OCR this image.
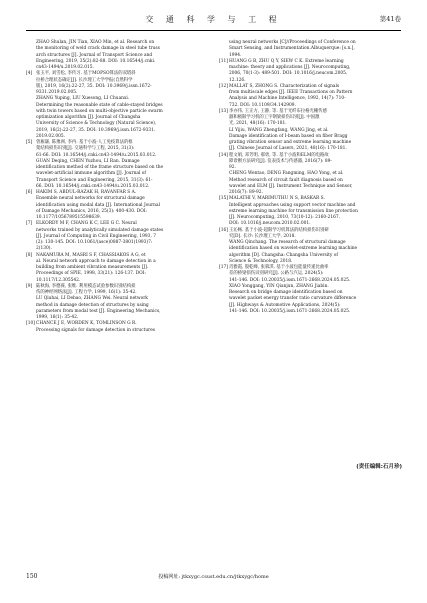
交 通 科 学 与 工 程	第41卷
ZHAO Shulan, JIN Tian, XIAO Min, et al. Research on
the monitoring of weld crack damage in steel tube truss
arch structures [J]. Journal of Transport Science and
Engineering, 2019, 35(2):82-88. DOI: 10.16544/j.cnki.
cn43-1494/u.2019.02.015.
[4] 张玉平, 刘雪松, 李传习. 基于MOPSO算法的双塔斜
拉桥合理状态确定[J]. 长沙理工大学学报(自然科学
版), 2019, 16(2):22-27, 35. DOI: 10.3969/j.issn.1672-
9331.2019.02.005.
ZHANG Yuping, LIU Xuesong, LI Chuanxi.
Determining the reasonable state of cable-stayed bridges
with twin towers based on multi-objective particle swarm
optimization algorithm [J]. Journal of Changsha
University of Science & Technology (Natural Science),
2019, 16(2):22-27, 35. DOI: 10.3969/j.issn.1672-9331.
2019.02.005.
[5] 曾雁谦, 陈豫洲, 李冉. 基于小波-人工免疫算法的框
架结构损伤识别[J]. 交通科学与工程, 2015, 31(3):
61-66. DOI: 10.16544/j.cnki.cn43-1494/u.2015.03.012.
GUAN Deqing, CHEN Yuzhou, LI Ran. Damage
identification method of the frame structure based on the
wavelet-artificial immune algorithm [J]. Journal of
Transport Science and Engineering, 2015, 31(3): 61-
66. DOI: 10.16544/j.cnki.cn43-1494/u.2015.03.012.
[6] HAKIM S, ABDUL-RAZAK H, RAVANFAR S A.
Ensemble neural networks for structural damage
identification using modal data [J]. International Journal
of Damage Mechanics, 2016, 25(3): 400-430. DOI:
10.1177/1056789515598639.
[7] ELKORDY M F, CHANG K C, LEE G C. Neural
networks trained by analytically simulated damage states
[J]. Journal of Computing in Civil Engineering, 1993, 7
(2): 130-145. DOI: 10.1061/(asce)0887-3801(1993)7:
2(130).
[8] NAKAMURA M, MASRI S F, CHASSIAKOS A G, et
al. Neural network approach to damage detection in a
building from ambient vibration measurements [J].
Proceedings of SPIE, 1998, 33(21): 126-137. DOI:
10.1117/12.305542.
[9] 陆秋海, 李德葆, 张维. 利用模态试验参数识别结构损
伤的神经网络法[J]. 工程力学, 1999, 16(1): 35-42.
LU Qiuhai, LI Debao, ZHANG Wei. Neural network
method in damage detection of structures by using
parameters from modal test [J]. Engineering Mechanics,
1999, 16(1): 35-42.
[10] CHANCE J E, WORDEN K, TOMLINSON G R.
Processing signals for damage detection in structures
using neural networks [C]//Proceedings of Conference on
Smart Sensing, and Instrumentation.Albuquerque: [s.n.],
1994.
[11] HUANG G B, ZHU Q Y, SIEW C K. Extreme learning
machine: theory and applications [J]. Neurocomputing,
2006, 70(1-3): 489-501. DOI: 10.1016/j.neucom.2005.
12.126.
[12] MALLAT S, ZHONG S. Characterization of signals
from multiscale edges [J]. IEEE Transactions on Pattern
Analysis and Machine Intelligence, 1992, 14(7): 710-
732. DOI: 10.1109/34.142909.
[13] 李亦伟, 王正方, 王静, 等. 基于光纤布拉格光栅传感
器和极限学习机的工字钢梁损伤识别[J]. 中国激
光, 2021, 48(16): 170-181.
LI Yijiu, WANG Zhengfang, WANG Jing, et al.
Damage identification of I-beam based on fiber Bragg
grating vibration sensor and extreme learning machine
[J]. Chinese Journal of Lasers, 2021, 48(16): 170-181.
[14] 程文娟, 邓芳明, 郝勇, 等. 基于小波和ELM的电路故
障诊断方法研究[J]. 仪表技术与传感器, 2016(7): 89-
92.
CHENG Wentao, DENG Fangming, HAO Yong, et al.
Method research of circuit fault diagnosis based on
wavelet and ELM [J]. Instrument Technique and Sensor,
2016(7): 89-92.
[15] MALATHI V, MARIMUTHU N S, BASKAR S.
Intelligent approaches using support vector machine and
extreme learning machine for transmission line protection
[J]. Neurocomputing, 2010, 73(10-12): 2160-2167.
DOI: 10.1016/j.neucom.2010.02.001.
[16] 王沁畅. 基于小波-超限学习机算法的结构损伤识别研
究[D]. 长沙: 长沙理工大学, 2018.
WANG Qinchang. The research of structural damage
identification based on wavelet-extreme learning machine
algorithm [D]. Changsha: Changsha University of
Science & Technology, 2018.
[17] 肖雅霞, 殷乾峰, 张慕淇. 基于小波包能量传递比曲率
差的桥梁损伤识别研究[J]. 公路与汽运, 2024(5):
141-146. DOI: 10.20035/j.issn.1671-2668.2024.05.025.
XIAO Yonggang, YIN Qianjun, ZHANG Jiabin.
Research on bridge damage identification based on
wavelet packet energy transfer ratio curvature difference
[J]. Highways & Automotive Applications, 2024(5):
141-146. DOI: 10.20035/j.issn.1671-2668.2024.05.025.
(责任编辑:石月珍)
150	投稿网址: jtkxygc.csust.edu.cn/jtkxygc/home
